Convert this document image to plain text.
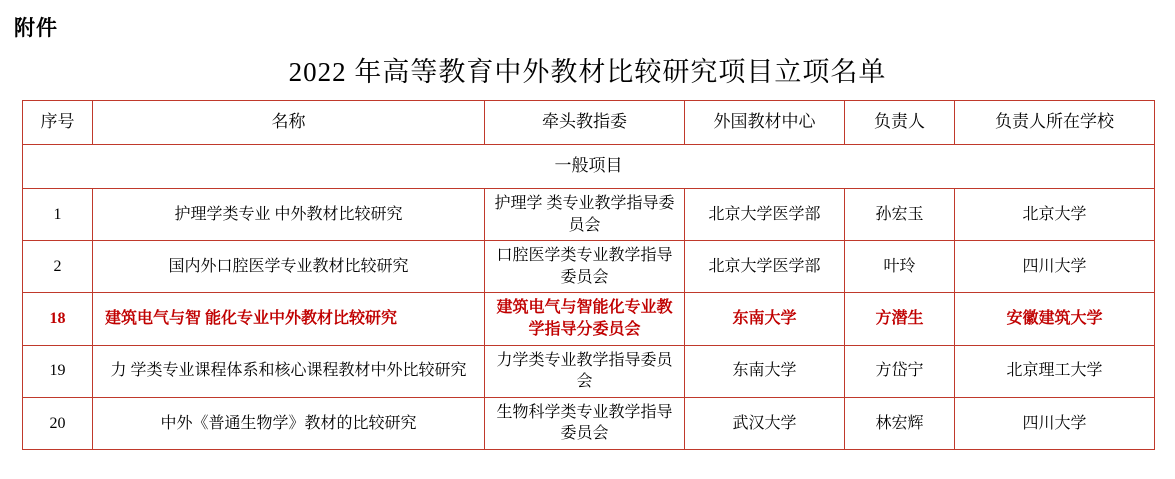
附件
2022 年高等教育中外教材比较研究项目立项名单
序号	名称	牵头教指委	外国教材中心	负责人	负责人所在学校
一般项目					
1	护理学类专业 中外教材比较研究	护理学 类专业教学指导委员会	北京大学医学部	孙宏玉	北京大学
2	国内外口腔医学专业教材比较研究	口腔医学类专业教学指导委员会	北京大学医学部	叶玲	四川大学
18	建筑电气与智 能化专业中外教材比较研究	建筑电气与智能化专业教学指导分委员会	东南大学	方潜生	安徽建筑大学
19	力 学类专业课程体系和核心课程教材中外比较研究	力学类专业教学指导委员会	东南大学	方岱宁	北京理工大学
20	中外《普通生物学》教材的比较研究	生物科学类专业教学指导委员会	武汉大学	林宏辉	四川大学
